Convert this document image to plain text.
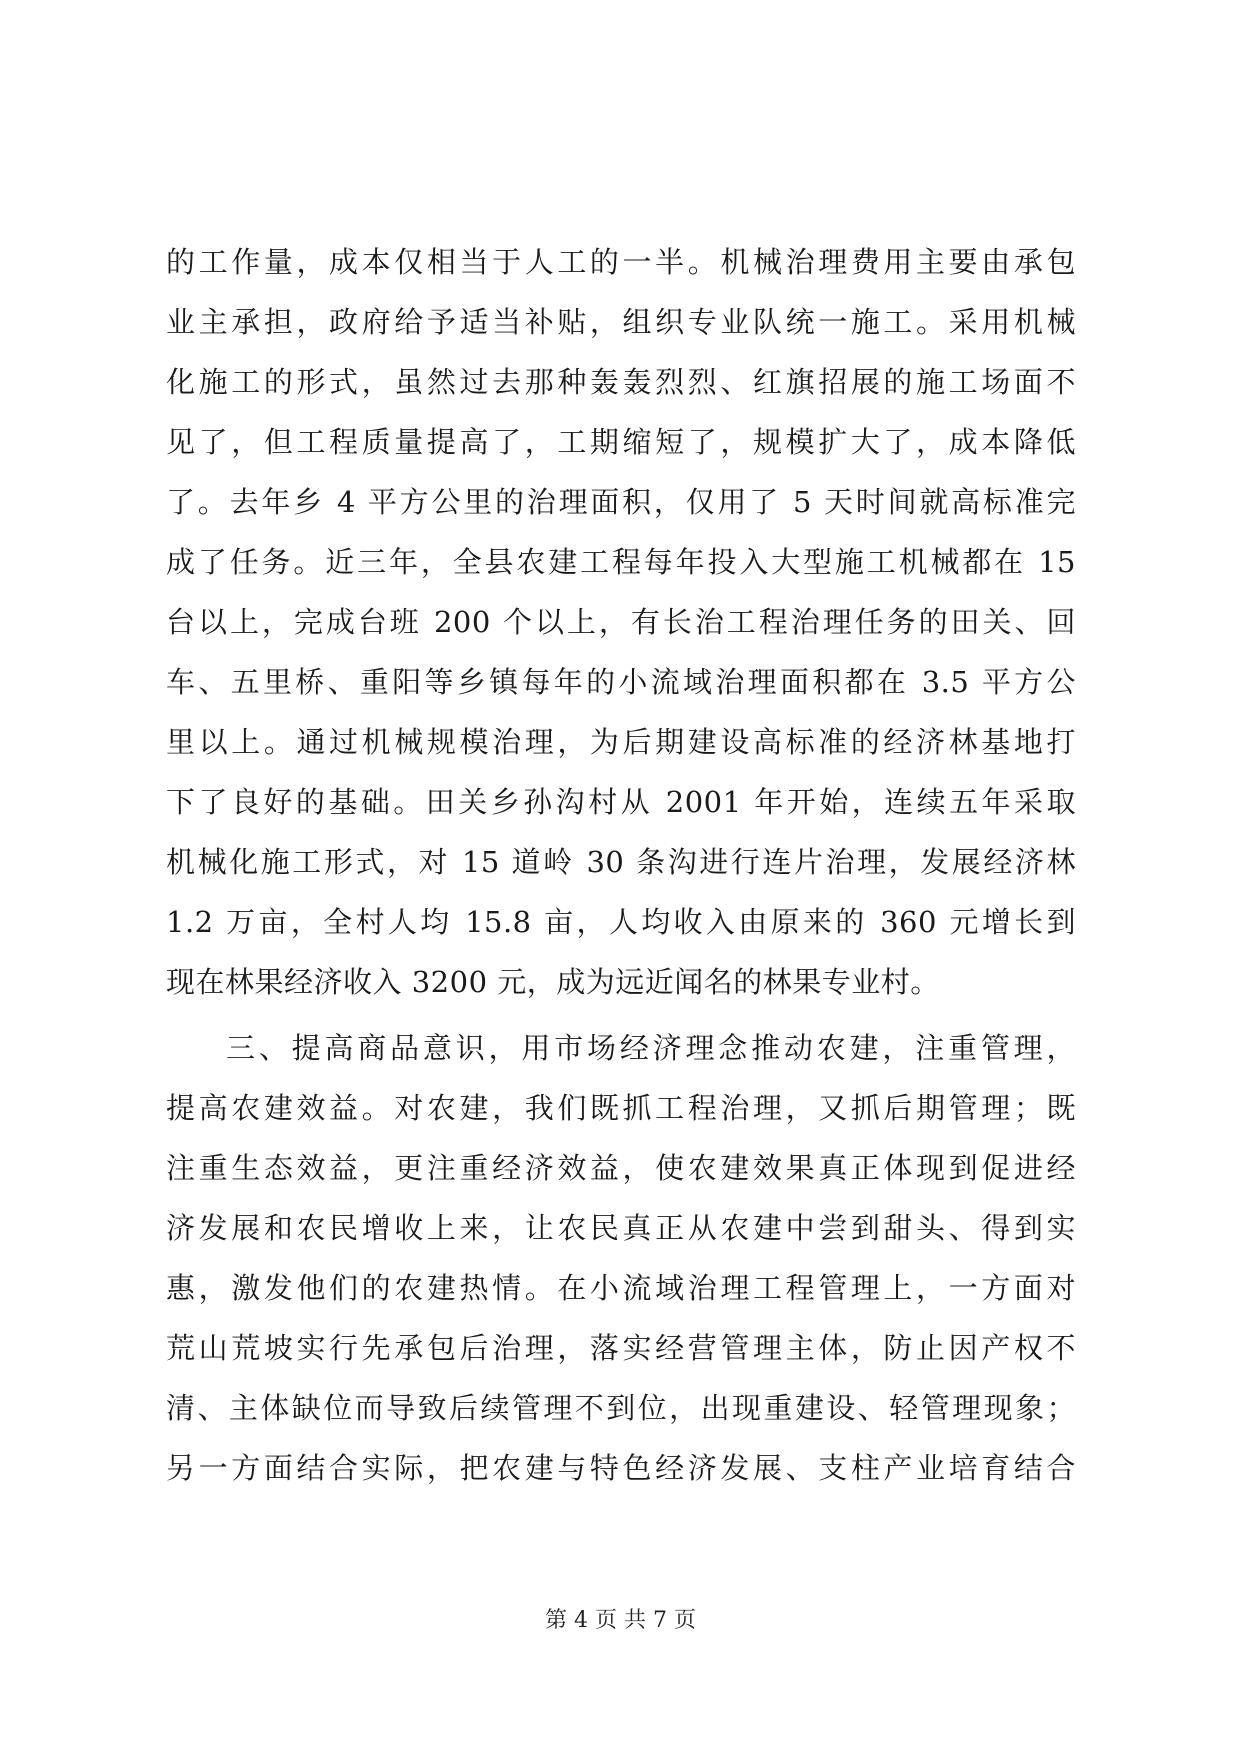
的工作量，成本仅相当于人工的一半。机械治理费用主要由承包
业主承担，政府给予适当补贴，组织专业队统一施工。采用机械
化施工的形式，虽然过去那种轰轰烈烈、红旗招展的施工场面不
见了，但工程质量提高了，工期缩短了，规模扩大了，成本降低
了。去年乡 4 平方公里的治理面积，仅用了 5 天时间就高标准完
成了任务。近三年，全县农建工程每年投入大型施工机械都在 15
台以上，完成台班 200 个以上，有长治工程治理任务的田关、回
车、五里桥、重阳等乡镇每年的小流域治理面积都在 3.5 平方公
里以上。通过机械规模治理，为后期建设高标准的经济林基地打
下了良好的基础。田关乡孙沟村从 2001 年开始，连续五年采取
机械化施工形式，对 15 道岭 30 条沟进行连片治理，发展经济林
1.2 万亩，全村人均 15.8 亩，人均收入由原来的 360 元增长到
现在林果经济收入 3200 元，成为远近闻名的林果专业村。
三、提高商品意识，用市场经济理念推动农建，注重管理，
提高农建效益。对农建，我们既抓工程治理，又抓后期管理；既
注重生态效益，更注重经济效益，使农建效果真正体现到促进经
济发展和农民增收上来，让农民真正从农建中尝到甜头、得到实
惠，激发他们的农建热情。在小流域治理工程管理上，一方面对
荒山荒坡实行先承包后治理，落实经营管理主体，防止因产权不
清、主体缺位而导致后续管理不到位，出现重建设、轻管理现象；
另一方面结合实际，把农建与特色经济发展、支柱产业培育结合
第 4 页 共 7 页
